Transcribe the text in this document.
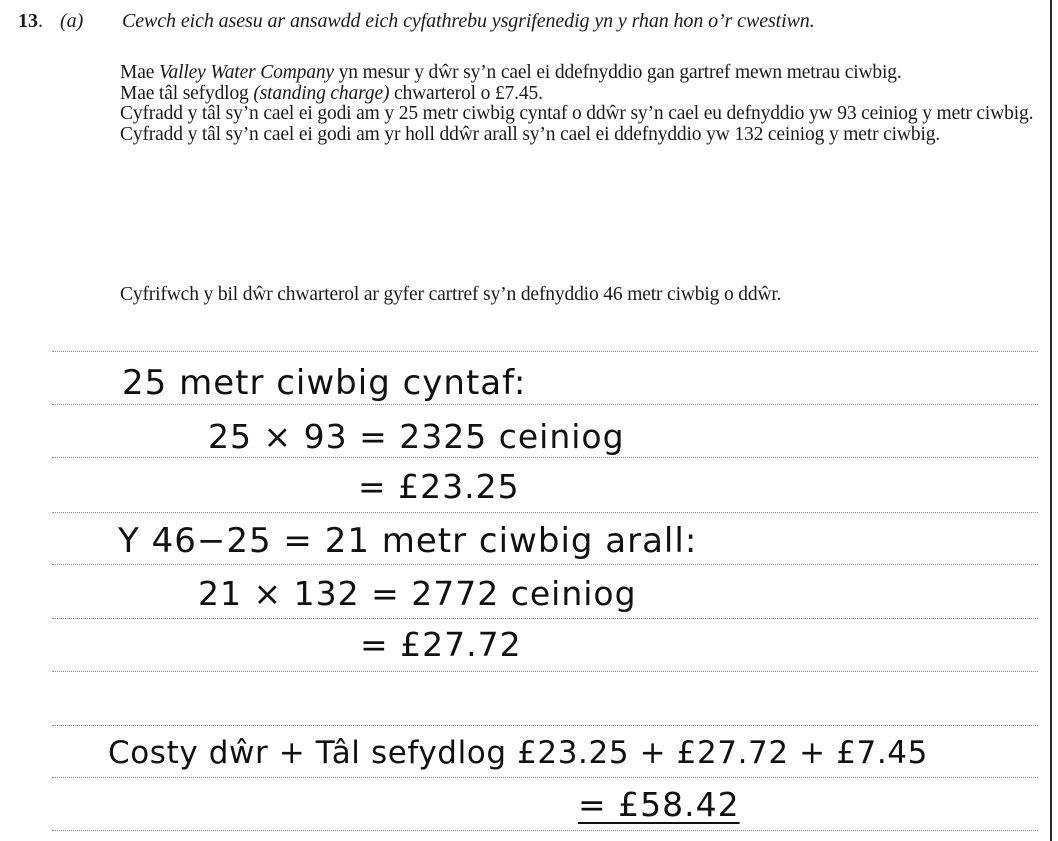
13. (a) Cewch eich asesu ar ansawdd eich cyfathrebu ysgrifenedig yn y rhan hon o’r cwestiwn.

Mae Valley Water Company yn mesur y dŵr sy’n cael ei ddefnyddio gan gartref mewn metrau ciwbig.

Mae tâl sefydlog (standing charge) chwarterol o £7.45.

Cyfradd y tâl sy’n cael ei godi am y 25 metr ciwbig cyntaf o ddŵr sy’n cael eu defnyddio yw 93 ceiniog y metr ciwbig.

Cyfradd y tâl sy’n cael ei godi am yr holl ddŵr arall sy’n cael ei ddefnyddio yw 132 ceiniog y metr ciwbig.

Cyfrifwch y bil dŵr chwarterol ar gyfer cartref sy’n defnyddio 46 metr ciwbig o ddŵr.
25 metr ciwbig cyntaf:
25 × 93 = 2325 ceiniog
= £23.25
Y 46−25 = 21 metr ciwbig arall:
21 × 132 = 2772 ceiniog
= £27.72
Costy dŵr + Tâl sefydlog £23.25 + £27.72 + £7.45
= £58.42
